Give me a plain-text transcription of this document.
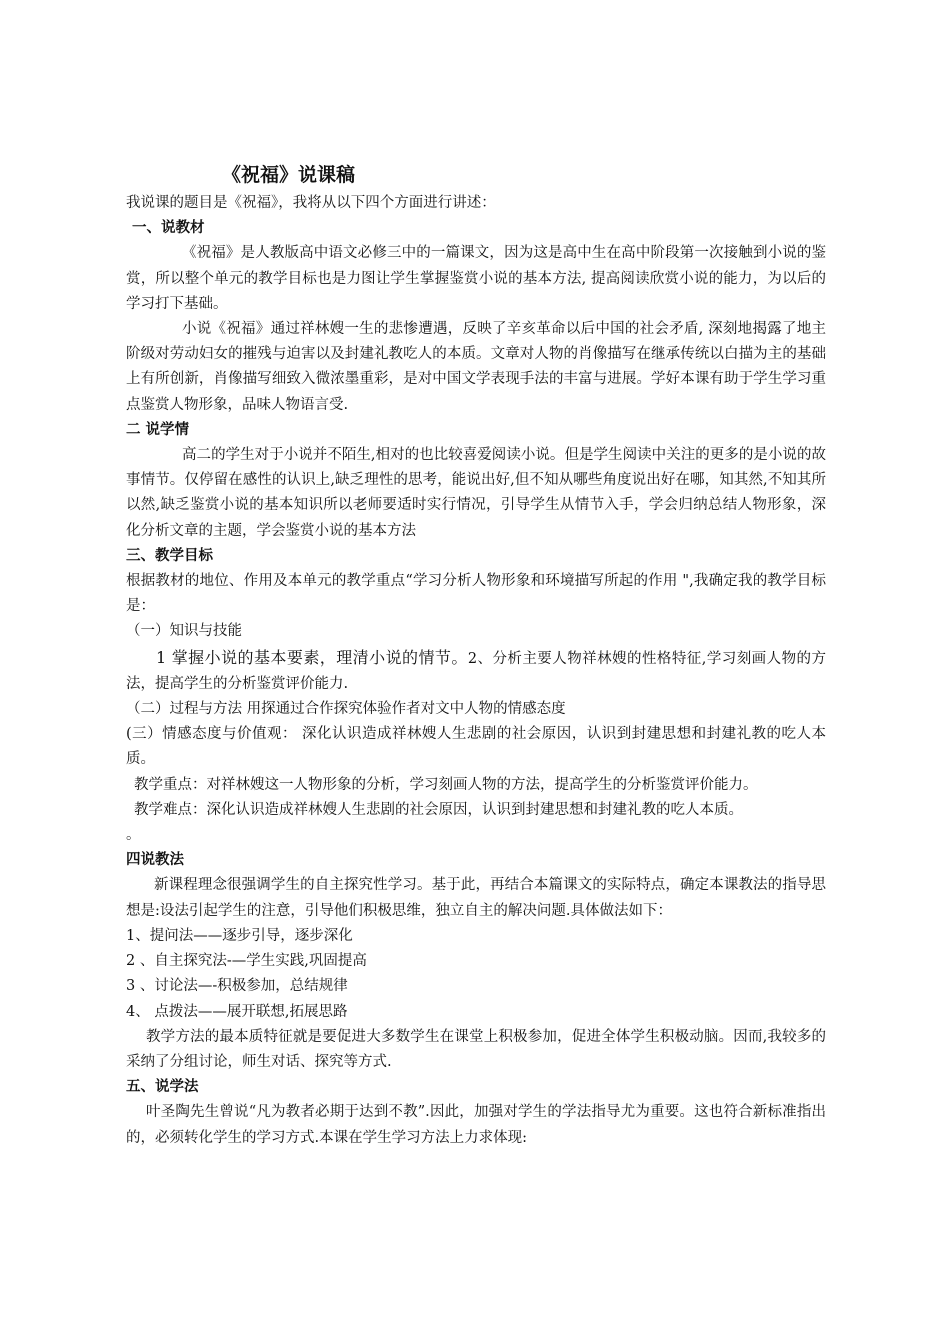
《祝福》说课稿

我说课的题目是《祝福》，我将从以下四个方面进行讲述：

一、说教材

《祝福》是人教版高中语文必修三中的一篇课文，因为这是高中生在高中阶段第一次接触到小说的鉴赏，所以整个单元的教学目标也是力图让学生掌握鉴赏小说的基本方法, 提高阅读欣赏小说的能力，为以后的学习打下基础。

小说《祝福》通过祥林嫂一生的悲惨遭遇，反映了辛亥革命以后中国的社会矛盾, 深刻地揭露了地主阶级对劳动妇女的摧残与迫害以及封建礼教吃人的本质。文章对人物的肖像描写在继承传统以白描为主的基础上有所创新，肖像描写细致入微浓墨重彩，是对中国文学表现手法的丰富与进展。学好本课有助于学生学习重点鉴赏人物形象，品味人物语言受.

二 说学情

高二的学生对于小说并不陌生,相对的也比较喜爱阅读小说。但是学生阅读中关注的更多的是小说的故事情节。仅停留在感性的认识上,缺乏理性的思考，能说出好,但不知从哪些角度说出好在哪，知其然,不知其所以然,缺乏鉴赏小说的基本知识所以老师要适时实行情况，引导学生从情节入手，学会归纳总结人物形象，深化分析文章的主题，学会鉴赏小说的基本方法

三、教学目标

根据教材的地位、作用及本单元的教学重点“学习分析人物形象和环境描写所起的作用 ",我确定我的教学目标是：

（一）知识与技能

1 掌握小说的基本要素，理清小说的情节。2、分析主要人物祥林嫂的性格特征,学习刻画人物的方法，提高学生的分析鉴赏评价能力.

（二）过程与方法 用探通过合作探究体验作者对文中人物的情感态度

(三）情感态度与价值观： 深化认识造成祥林嫂人生悲剧的社会原因，认识到封建思想和封建礼教的吃人本质。

教学重点：对祥林嫂这一人物形象的分析，学习刻画人物的方法，提高学生的分析鉴赏评价能力。

教学难点：深化认识造成祥林嫂人生悲剧的社会原因，认识到封建思想和封建礼教的吃人本质。

。

四说教法

新课程理念很强调学生的自主探究性学习。基于此，再结合本篇课文的实际特点，确定本课教法的指导思想是:设法引起学生的注意，引导他们积极思维，独立自主的解决问题.具体做法如下：

1、提问法——逐步引导，逐步深化

2 、自主探究法-—学生实践,巩固提高

3 、讨论法—-积极参加，总结规律

4、 点拨法——展开联想,拓展思路

教学方法的最本质特征就是要促进大多数学生在课堂上积极参加，促进全体学生积极动脑。因而,我较多的采纳了分组讨论，师生对话、探究等方式.

五、说学法

叶圣陶先生曾说“凡为教者必期于达到不教”.因此，加强对学生的学法指导尤为重要。这也符合新标准指出的，必须转化学生的学习方式.本课在学生学习方法上力求体现:
